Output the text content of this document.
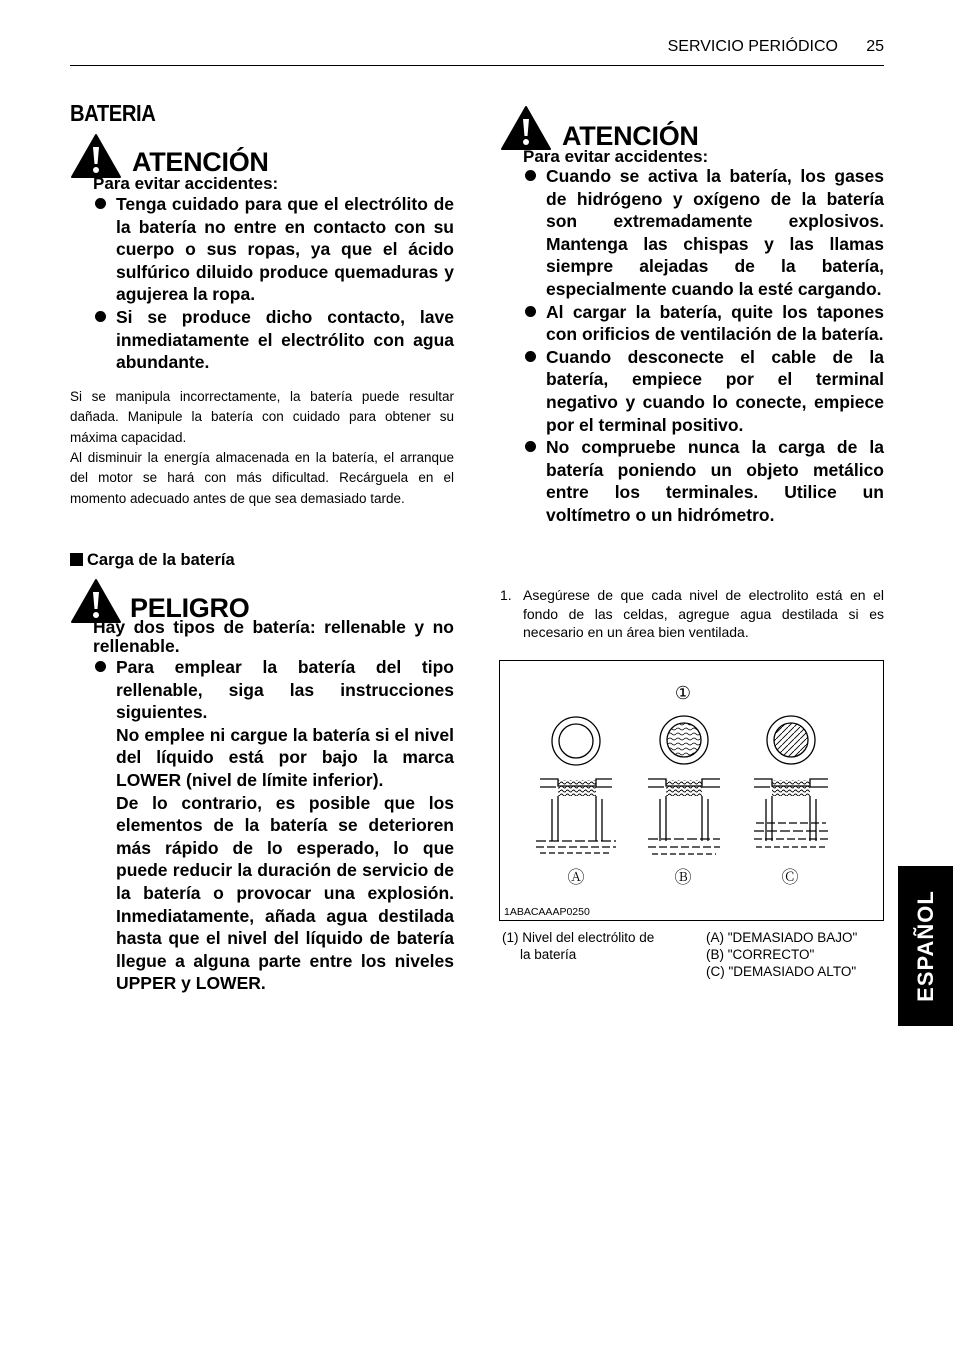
SERVICIO PERIÓDICO 25
BATERIA
ATENCIÓN
Para evitar accidentes:
Tenga cuidado para que el electrólito de la batería no entre en contacto con su cuerpo o sus ropas, ya que el ácido sulfúrico diluido produce quemaduras y agujerea la ropa.
Si se produce dicho contacto, lave inmediatamente el electrólito con agua abundante.
Si se manipula incorrectamente, la batería puede resultar dañada. Manipule la batería con cuidado para obtener su máxima capacidad.
Al disminuir la energía almacenada en la batería, el arranque del motor se hará con más dificultad. Recárguela en el momento adecuado antes de que sea demasiado tarde.
Carga de la batería
PELIGRO
Hay dos tipos de batería: rellenable y no rellenable.
Para emplear la batería del tipo rellenable, siga las instrucciones siguientes.
No emplee ni cargue la batería si el nivel del líquido está por bajo la marca LOWER (nivel de límite inferior).
De lo contrario, es posible que los elementos de la batería se deterioren más rápido de lo esperado, lo que puede reducir la duración de servicio de la batería o provocar una explosión. Inmediatamente, añada agua destilada hasta que el nivel del líquido de batería llegue a alguna parte entre los niveles UPPER y LOWER.
ATENCIÓN
Para evitar accidentes:
Cuando se activa la batería, los gases de hidrógeno y oxígeno de la batería son extremadamente explosivos. Mantenga las chispas y las llamas siempre alejadas de la batería, especialmente cuando la esté cargando.
Al cargar la batería, quite los tapones con orificios de ventilación de la batería.
Cuando desconecte el cable de la batería, empiece por el terminal negativo y cuando lo conecte, empiece por el terminal positivo.
No compruebe nunca la carga de la batería poniendo un objeto metálico entre los terminales. Utilice un voltímetro o un hidrómetro.
1. Asegúrese de que cada nivel de electrolito está en el fondo de las celdas, agregue agua destilada si es necesario en un área bien ventilada.
①
Ⓐ	Ⓑ	Ⓒ
1ABACAAAP0250
(1) Nivel del electrólito de
la batería
(A) "DEMASIADO BAJO"
(B) "CORRECTO"
(C) "DEMASIADO ALTO"	ESPAÑOL
